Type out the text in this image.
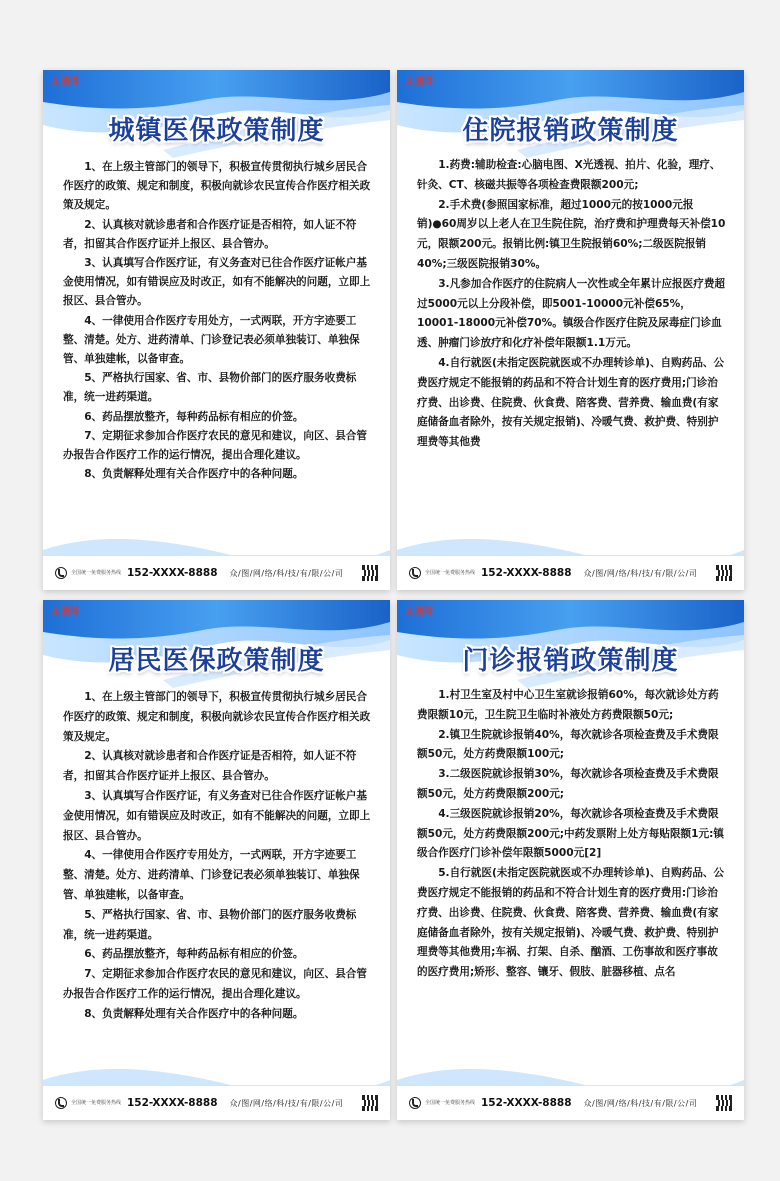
众图网
城镇医保政策制度

1、在上级主管部门的领导下，积极宣传贯彻执行城乡居民合作医疗的政策、规定和制度，积极向就诊农民宣传合作医疗相关政策及规定。

2、认真核对就诊患者和合作医疗证是否相符，如人证不符者，扣留其合作医疗证并上报区、县合管办。

3、认真填写合作医疗证，有义务查对已往合作医疗证帐户基金使用情况，如有错误应及时改正，如有不能解决的问题，立即上报区、县合管办。

4、一律使用合作医疗专用处方，一式两联，开方字迹要工整、清楚。处方、进药清单、门诊登记表必须单独装订、单独保管、单独建帐，以备审查。

5、严格执行国家、省、市、县物价部门的医疗服务收费标准，统一进药渠道。

6、药品摆放整齐，每种药品标有相应的价签。

7、定期征求参加合作医疗农民的意见和建议，向区、县合管办报告合作医疗工作的运行情况，提出合理化建议。

8、负责解释处理有关合作医疗中的各种问题。

全国统一免费服务热线 152-XXXX-8888 众/图/网/络/科/技/有/限/公/司
众图网
住院报销政策制度

1.药费:辅助检查:心脑电图、X光透视、拍片、化验，理疗、针灸、CT、核磁共振等各项检查费限额200元;

2.手术费(参照国家标准，超过1000元的按1000元报销)●60周岁以上老人在卫生院住院，治疗费和护理费每天补偿10元，限额200元。报销比例:镇卫生院报销60%;二级医院报销40%;三级医院报销30%。

3.凡参加合作医疗的住院病人一次性或全年累计应报医疗费超过5000元以上分段补偿，即5001-10000元补偿65%，10001-18000元补偿70%。镇级合作医疗住院及尿毒症门诊血透、肿瘤门诊放疗和化疗补偿年限额1.1万元。

4.自行就医(未指定医院就医或不办理转诊单)、自购药品、公费医疗规定不能报销的药品和不符合计划生育的医疗费用;门诊治疗费、出诊费、住院费、伙食费、陪客费、营养费、输血费(有家庭储备血者除外，按有关规定报销)、冷暖气费、救护费、特别护理费等其他费

全国统一免费服务热线 152-XXXX-8888 众/图/网/络/科/技/有/限/公/司
众图网
居民医保政策制度

1、在上级主管部门的领导下，积极宣传贯彻执行城乡居民合作医疗的政策、规定和制度，积极向就诊农民宣传合作医疗相关政策及规定。

2、认真核对就诊患者和合作医疗证是否相符，如人证不符者，扣留其合作医疗证并上报区、县合管办。

3、认真填写合作医疗证，有义务查对已往合作医疗证帐户基金使用情况，如有错误应及时改正，如有不能解决的问题，立即上报区、县合管办。

4、一律使用合作医疗专用处方，一式两联，开方字迹要工整、清楚。处方、进药清单、门诊登记表必须单独装订、单独保管、单独建帐，以备审查。

5、严格执行国家、省、市、县物价部门的医疗服务收费标准，统一进药渠道。

6、药品摆放整齐，每种药品标有相应的价签。

7、定期征求参加合作医疗农民的意见和建议，向区、县合管办报告合作医疗工作的运行情况，提出合理化建议。

8、负责解释处理有关合作医疗中的各种问题。

全国统一免费服务热线 152-XXXX-8888 众/图/网/络/科/技/有/限/公/司
众图网
门诊报销政策制度

1.村卫生室及村中心卫生室就诊报销60%，每次就诊处方药费限额10元，卫生院卫生临时补液处方药费限额50元;

2.镇卫生院就诊报销40%，每次就诊各项检查费及手术费限额50元，处方药费限额100元;

3.二级医院就诊报销30%，每次就诊各项检查费及手术费限额50元，处方药费限额200元;

4.三级医院就诊报销20%，每次就诊各项检查费及手术费限额50元，处方药费限额200元;中药发票附上处方每贴限额1元:镇级合作医疗门诊补偿年限额5000元[2]

5.自行就医(未指定医院就医或不办理转诊单)、自购药品、公费医疗规定不能报销的药品和不符合计划生育的医疗费用:门诊治疗费、出诊费、住院费、伙食费、陪客费、营养费、输血费(有家庭储备血者除外，按有关规定报销)、冷暖气费、救护费、特别护理费等其他费用;车祸、打架、自杀、酗酒、工伤事故和医疗事故的医疗费用;矫形、整容、镶牙、假肢、脏器移植、点名

全国统一免费服务热线 152-XXXX-8888 众/图/网/络/科/技/有/限/公/司
